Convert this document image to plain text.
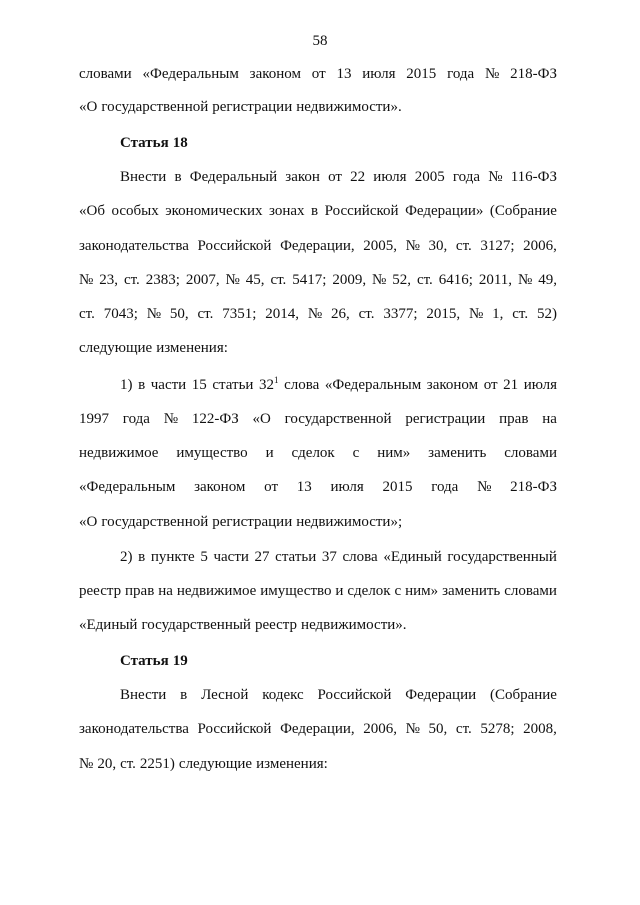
58
словами «Федеральным законом от 13 июля 2015 года № 218-ФЗ
«О государственной регистрации недвижимости».
Статья 18
Внести в Федеральный закон от 22 июля 2005 года № 116-ФЗ
«Об особых экономических зонах в Российской Федерации» (Собрание
законодательства Российской Федерации, 2005, № 30, ст. 3127; 2006,
№ 23, ст. 2383; 2007, № 45, ст. 5417; 2009, № 52, ст. 6416; 2011, № 49,
ст. 7043; № 50, ст. 7351; 2014, № 26, ст. 3377; 2015, № 1, ст. 52)
следующие изменения:
1) в части 15 статьи $32^1$ слова «Федеральным законом от 21 июля
1997 года № 122-ФЗ «О государственной регистрации прав на
недвижимое имущество и сделок с ним» заменить словами
«Федеральным законом от 13 июля 2015 года № 218-ФЗ
«О государственной регистрации недвижимости»;
2) в пункте 5 части 27 статьи 37 слова «Единый государственный
реестр прав на недвижимое имущество и сделок с ним» заменить словами
«Единый государственный реестр недвижимости».
Статья 19
Внести в Лесной кодекс Российской Федерации (Собрание
законодательства Российской Федерации, 2006, № 50, ст. 5278; 2008,
№ 20, ст. 2251) следующие изменения:
